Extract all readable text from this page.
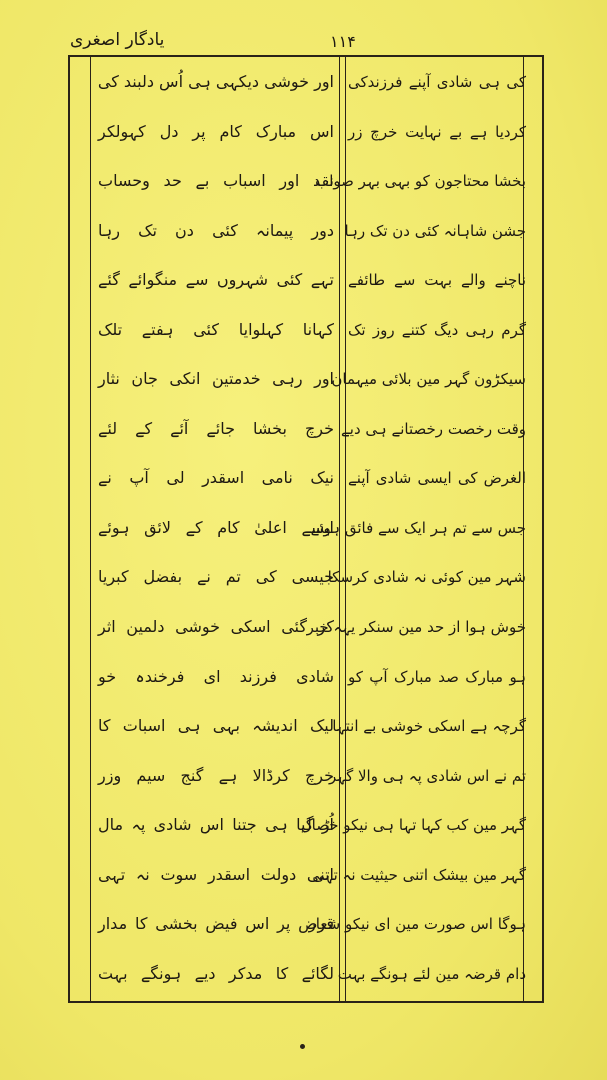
یادگار اصغری	۱۱۴
کی ہی شادی آپنے فرزندکی
کردیا ہے بے نہایت خرچ زر
بخشا محتاجون کو بہی بہر صواب
جشن شاہانہ کئی دن تک رہا
ناچنے والے بہت سے طائفے
گرم رہی دیگ کتنے روز تک
سیکڑون گہر مین بلائی میہمان
وقت رخصت رخصتانے ہی دیے
الغرض کی ایسی شادی آپنے
جس سے تم ہر ایک سے فائق ہوئے
شہر مین کوئی نہ شادی کرسکا
خوش ہوا از حد مین سنکر یہہ خبر
ہو مبارک صد مبارک آپ کو
گرچہ ہے اسکی خوشی بے انتہا
تم نے اس شادی پہ ہی والا گہر
گہر مین کب کہا تہا ہی نیکو خصال
گہر مین بیشک اتنی حیثیت نہ تہی
ہوگا اس صورت مین ای نیکو شعار
دام قرضہ مین لئے ہونگے بہت
اور خوشی دیکہی ہی اُس دلبند کی
اس مبارک کام پر دل کہولکر
نقد اور اسباب بے حد وحساب
دور پیمانہ کئی دن تک رہا
تہے کئی شہروں سے منگوائے گئے
کہانا کہلوایا کئی ہفتے تلک
اور رہی خدمتین انکی جان نثار
خرچ بخشا جائے آئے کے لئے
نیک نامی اسقدر لی آپ نے
ایسے اعلیٰ کام کے لائق ہوئے
جیسی کی تم نے بفضل کبریا
کر گئی اسکی خوشی دلمین اثر
شادی فرزند ای فرخندہ خو
لیک اندیشہ بہی ہی اسبات کا
خرچ کرڈالا ہے گنج سیم وزر
اُڑ گیا ہی جتنا اس شادی پہ مال
اتنی دولت اسقدر سوت نہ تہی
قرض پر اس فیض بخشی کا مدار
لگائے کا مدکر دیے ہونگے بہت
